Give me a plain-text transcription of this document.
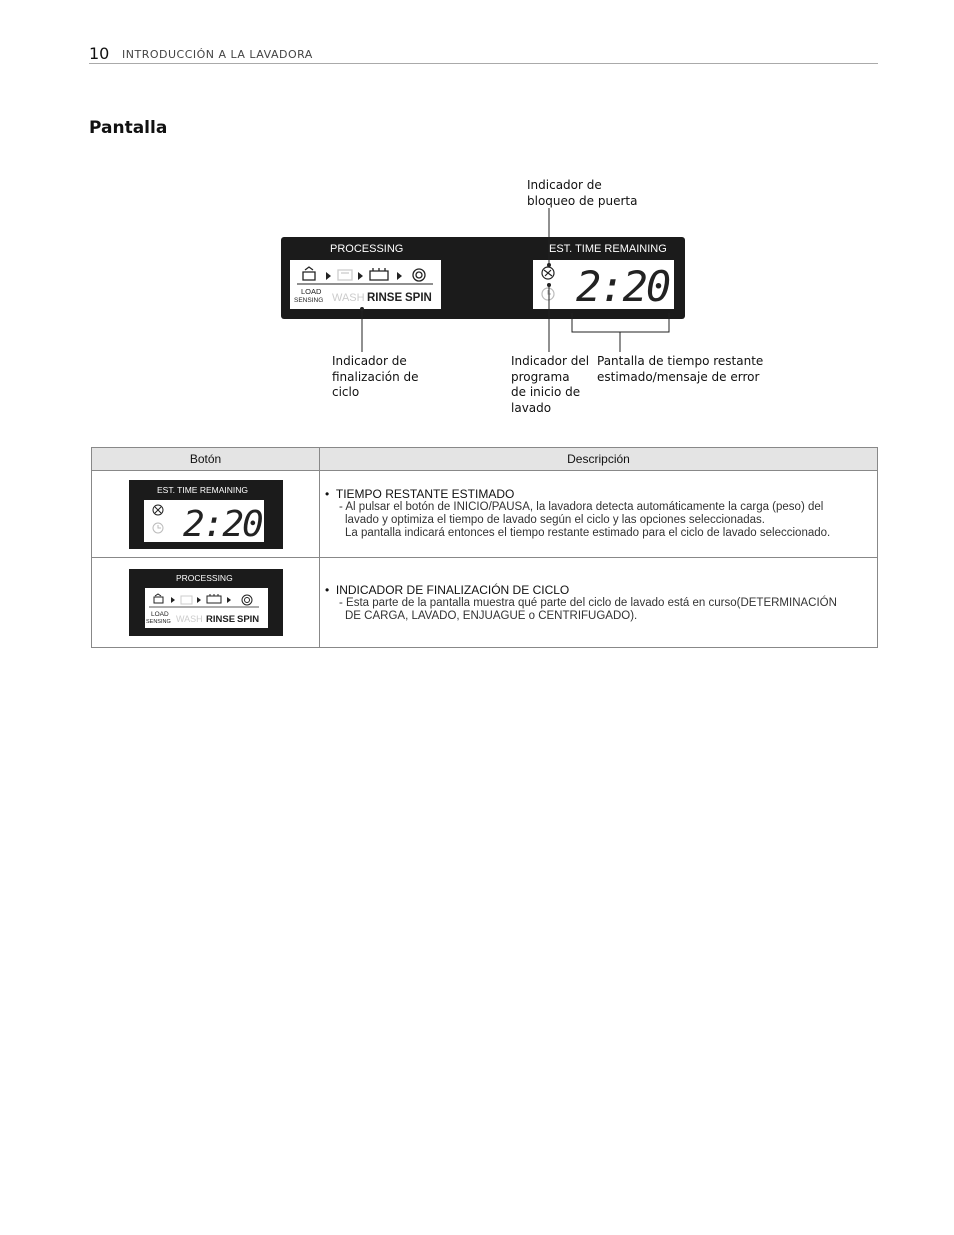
10 INTRODUCCIÓN A LA LAVADORA
Pantalla
PROCESSING	EST. TIME REMAINING
LOAD
SENSING WASH RINSE SPIN	2:20
Indicador de
bloqueo de puerta
Indicador de
finalización de
ciclo
Indicador del
programa
de inicio de
lavado
Pantalla de tiempo restante
estimado/mensaje de error
Botón	Descripción
EST. TIME REMAINING
2:20
•  TIEMPO RESTANTE ESTIMADO
- Al pulsar el botón de INICIO/PAUSA, la lavadora detecta automáticamente la carga (peso) del
lavado y optimiza el tiempo de lavado según el ciclo y las opciones seleccionadas.
La pantalla indicará entonces el tiempo restante estimado para el ciclo de lavado seleccionado.
PROCESSING
LOAD
SENSING WASH RINSE SPIN
•  INDICADOR DE FINALIZACIÓN DE CICLO
- Esta parte de la pantalla muestra qué parte del ciclo de lavado está en curso(DETERMINACIÓN
DE CARGA, LAVADO, ENJUAGUE o CENTRIFUGADO).
